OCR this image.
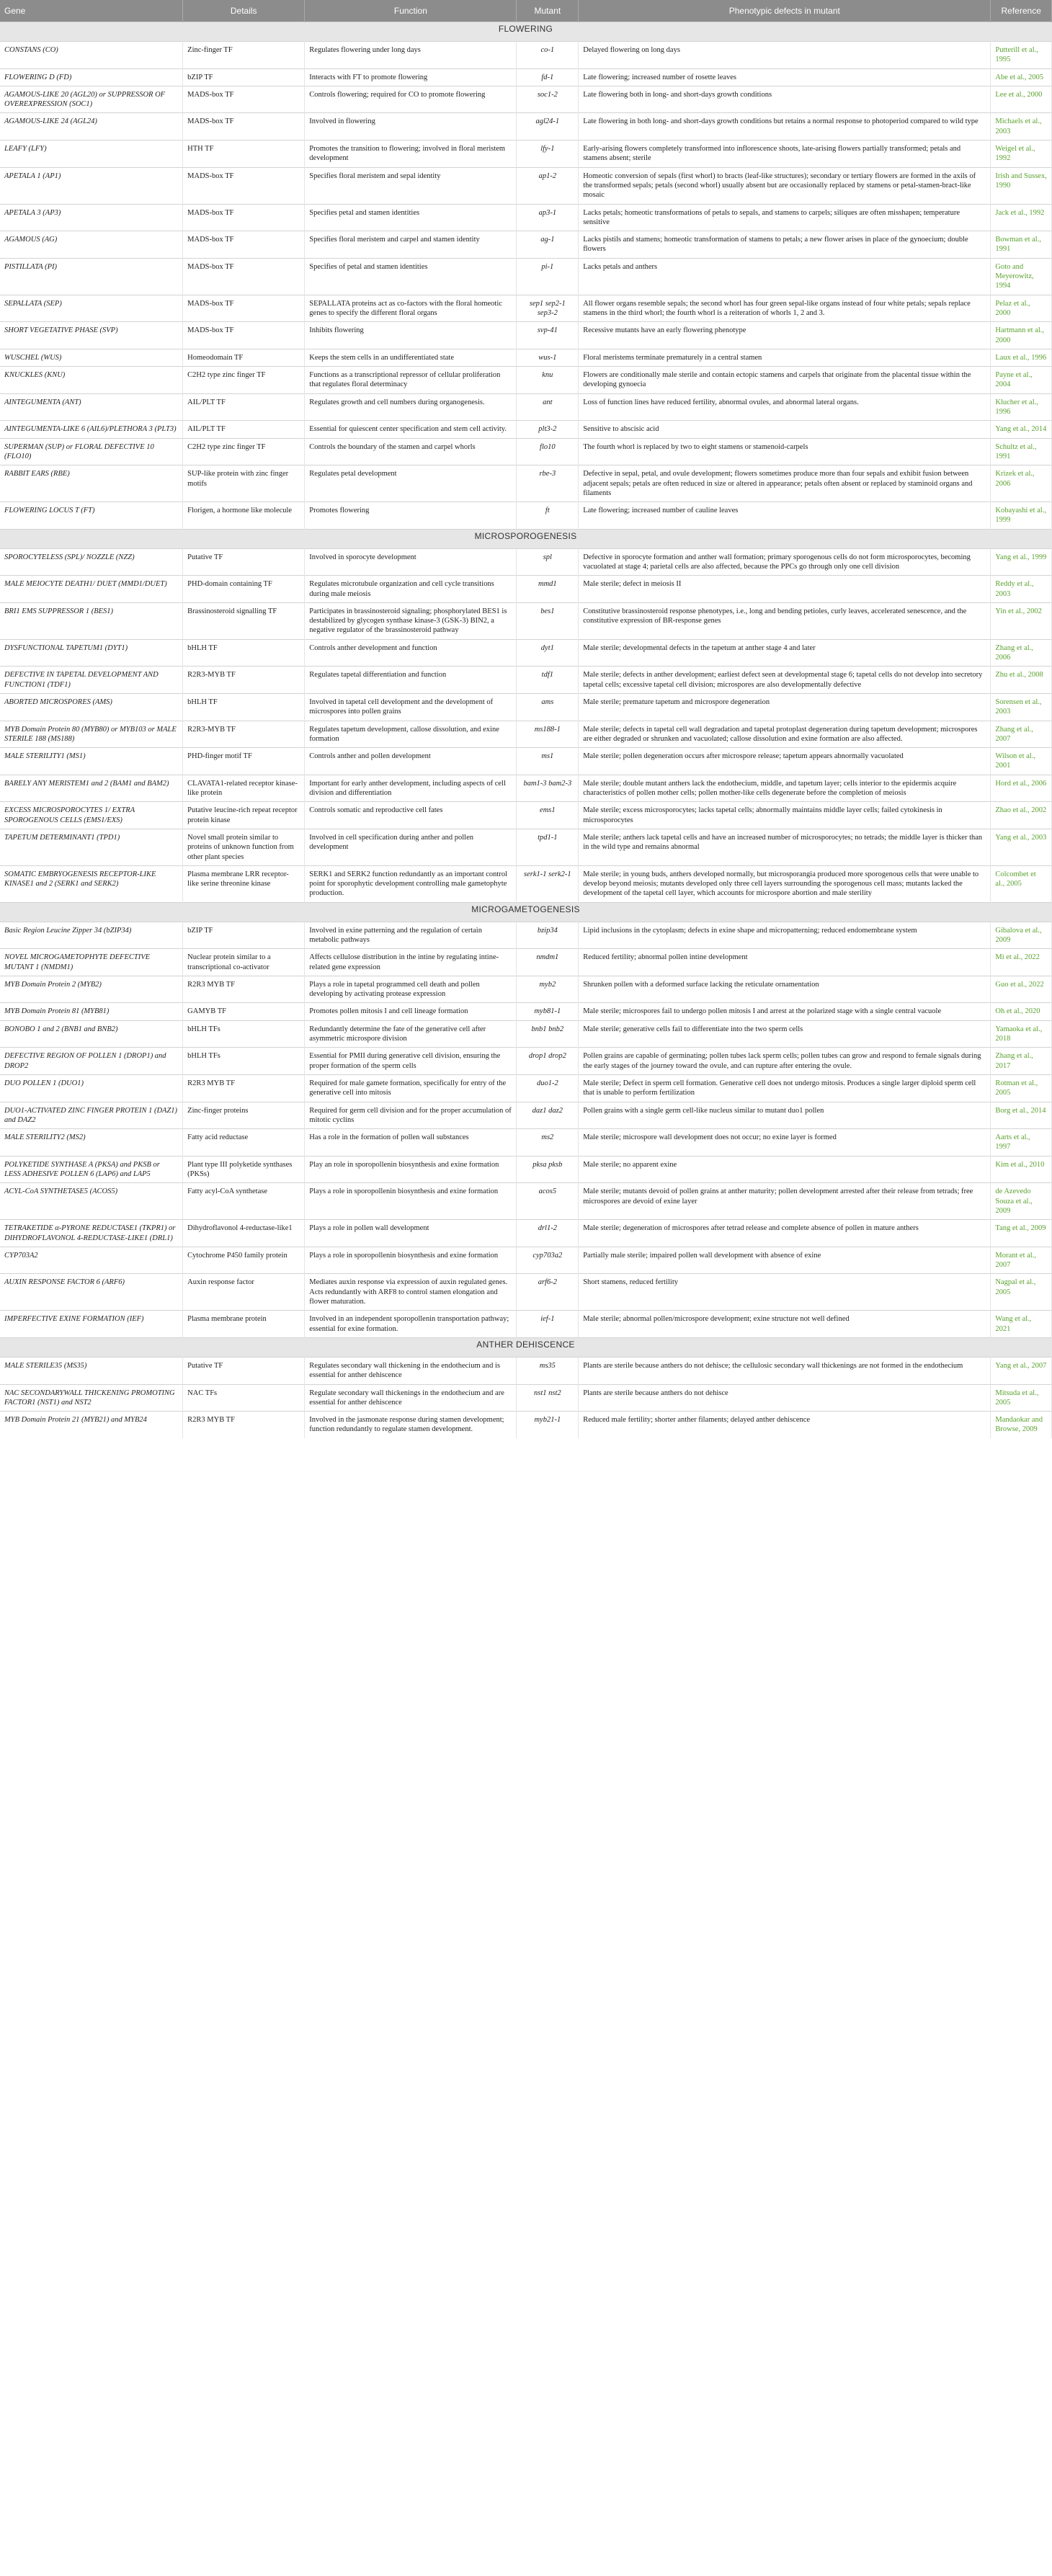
Gene	Details	Function	Mutant	Phenotypic defects in mutant	Reference
FLOWERING					
CONSTANS (CO)	Zinc-finger TF	Regulates flowering under long days	co-1	Delayed flowering on long days	Putterill et al., 1995
FLOWERING D (FD)	bZIP TF	Interacts with FT to promote flowering	fd-1	Late flowering; increased number of rosette leaves	Abe et al., 2005
AGAMOUS-LIKE 20 (AGL20) or SUPPRESSOR OF OVEREXPRESSION (SOC1)	MADS-box TF	Controls flowering; required for CO to promote flowering	soc1-2	Late flowering both in long- and short-days growth conditions	Lee et al., 2000
AGAMOUS-LIKE 24 (AGL24)	MADS-box TF	Involved in flowering	agl24-1	Late flowering in both long- and short-days growth conditions but retains a normal response to photoperiod compared to wild type	Michaels et al., 2003
LEAFY (LFY)	HTH TF	Promotes the transition to flowering; involved in floral meristem development	lfy-1	Early-arising flowers completely transformed into inflorescence shoots, late-arising flowers partially transformed; petals and stamens absent; sterile	Weigel et al., 1992
APETALA 1 (AP1)	MADS-box TF	Specifies floral meristem and sepal identity	ap1-2	Homeotic conversion of sepals (first whorl) to bracts (leaf-like structures); secondary or tertiary flowers are formed in the axils of the transformed sepals; petals (second whorl) usually absent but are occasionally replaced by stamens or petal-stamen-bract-like mosaic	Irish and Sussex, 1990
APETALA 3 (AP3)	MADS-box TF	Specifies petal and stamen identities	ap3-1	Lacks petals; homeotic transformations of petals to sepals, and stamens to carpels; siliques are often misshapen; temperature sensitive	Jack et al., 1992
AGAMOUS (AG)	MADS-box TF	Specifies floral meristem and carpel and stamen identity	ag-1	Lacks pistils and stamens; homeotic transformation of stamens to petals; a new flower arises in place of the gynoecium; double flowers	Bowman et al., 1991
PISTILLATA (PI)	MADS-box TF	Specifies of petal and stamen identities	pi-1	Lacks petals and anthers	Goto and Meyerowitz, 1994
SEPALLATA (SEP)	MADS-box TF	SEPALLATA proteins act as co-factors with the floral homeotic genes to specify the different floral organs	sep1 sep2-1 sep3-2	All flower organs resemble sepals; the second whorl has four green sepal-like organs instead of four white petals; sepals replace stamens in the third whorl; the fourth whorl is a reiteration of whorls 1, 2 and 3.	Pelaz et al., 2000
SHORT VEGETATIVE PHASE (SVP)	MADS-box TF	Inhibits flowering	svp-41	Recessive mutants have an early flowering phenotype	Hartmann et al., 2000
WUSCHEL (WUS)	Homeodomain TF	Keeps the stem cells in an undifferentiated state	wus-1	Floral meristems terminate prematurely in a central stamen	Laux et al., 1996
KNUCKLES (KNU)	C2H2 type zinc finger TF	Functions as a transcriptional repressor of cellular proliferation that regulates floral determinacy	knu	Flowers are conditionally male sterile and contain ectopic stamens and carpels that originate from the placental tissue within the developing gynoecia	Payne et al., 2004
AINTEGUMENTA (ANT)	AIL/PLT TF	Regulates growth and cell numbers during organogenesis.	ant	Loss of function lines have reduced fertility, abnormal ovules, and abnormal lateral organs.	Klucher et al., 1996
AINTEGUMENTA-LIKE 6 (AIL6)/PLETHORA 3 (PLT3)	AIL/PLT TF	Essential for quiescent center specification and stem cell activity.	plt3-2	Sensitive to abscisic acid	Yang et al., 2014
SUPERMAN (SUP) or FLORAL DEFECTIVE 10 (FLO10)	C2H2 type zinc finger TF	Controls the boundary of the stamen and carpel whorls	flo10	The fourth whorl is replaced by two to eight stamens or stamenoid-carpels	Schultz et al., 1991
RABBIT EARS (RBE)	SUP-like protein with zinc finger motifs	Regulates petal development	rbe-3	Defective in sepal, petal, and ovule development; flowers sometimes produce more than four sepals and exhibit fusion between adjacent sepals; petals are often reduced in size or altered in appearance; petals often absent or replaced by staminoid organs and filaments	Krizek et al., 2006
FLOWERING LOCUS T (FT)	Florigen, a hormone like molecule	Promotes flowering	ft	Late flowering; increased number of cauline leaves	Kobayashi et al., 1999
MICROSPOROGENESIS					
SPOROCYTELESS (SPL)/ NOZZLE (NZZ)	Putative TF	Involved in sporocyte development	spl	Defective in sporocyte formation and anther wall formation; primary sporogenous cells do not form microsporocytes, becoming vacuolated at stage 4; parietal cells are also affected, because the PPCs go through only one cell division	Yang et al., 1999
MALE MEIOCYTE DEATH1/ DUET (MMD1/DUET)	PHD-domain containing TF	Regulates microtubule organization and cell cycle transitions during male meiosis	mmd1	Male sterile; defect in meiosis II	Reddy et al., 2003
BRI1 EMS SUPPRESSOR 1 (BES1)	Brassinosteroid signalling TF	Participates in brassinosteroid signaling; phosphorylated BES1 is destabilized by glycogen synthase kinase-3 (GSK-3) BIN2, a negative regulator of the brassinosteroid pathway	bes1	Constitutive brassinosteroid response phenotypes, i.e., long and bending petioles, curly leaves, accelerated senescence, and the constitutive expression of BR-response genes	Yin et al., 2002
DYSFUNCTIONAL TAPETUM1 (DYT1)	bHLH TF	Controls anther development and function	dyt1	Male sterile; developmental defects in the tapetum at anther stage 4 and later	Zhang et al., 2006
DEFECTIVE IN TAPETAL DEVELOPMENT AND FUNCTION1 (TDF1)	R2R3-MYB TF	Regulates tapetal differentiation and function	tdf1	Male sterile; defects in anther development; earliest defect seen at developmental stage 6; tapetal cells do not develop into secretory tapetal cells; excessive tapetal cell division; microspores are also developmentally defective	Zhu et al., 2008
ABORTED MICROSPORES (AMS)	bHLH TF	Involved in tapetal cell development and the development of microspores into pollen grains	ams	Male sterile; premature tapetum and microspore degeneration	Sorensen et al., 2003
MYB Domain Protein 80 (MYB80) or MYB103 or MALE STERILE 188 (MS188)	R2R3-MYB TF	Regulates tapetum development, callose dissolution, and exine formation	ms188-1	Male sterile; defects in tapetal cell wall degradation and tapetal protoplast degeneration during tapetum development; microspores are either degraded or shrunken and vacuolated; callose dissolution and exine formation are also affected.	Zhang et al., 2007
MALE STERILITY1 (MS1)	PHD-finger motif TF	Controls anther and pollen development	ms1	Male sterile; pollen degeneration occurs after microspore release; tapetum appears abnormally vacuolated	Wilson et al., 2001
BARELY ANY MERISTEM1 and 2 (BAM1 and BAM2)	CLAVATA1-related receptor kinase-like protein	Important for early anther development, including aspects of cell division and differentiation	bam1-3 bam2-3	Male sterile; double mutant anthers lack the endothecium, middle, and tapetum layer; cells interior to the epidermis acquire characteristics of pollen mother cells; pollen mother-like cells degenerate before the completion of meiosis	Hord et al., 2006
EXCESS MICROSPOROCYTES 1/ EXTRA SPOROGENOUS CELLS (EMS1/EXS)	Putative leucine-rich repeat receptor protein kinase	Controls somatic and reproductive cell fates	ems1	Male sterile; excess microsporocytes; lacks tapetal cells; abnormally maintains middle layer cells; failed cytokinesis in microsporocytes	Zhao et al., 2002
TAPETUM DETERMINANT1 (TPD1)	Novel small protein similar to proteins of unknown function from other plant species	Involved in cell specification during anther and pollen development	tpd1-1	Male sterile; anthers lack tapetal cells and have an increased number of microsporocytes; no tetrads; the middle layer is thicker than in the wild type and remains abnormal	Yang et al., 2003
SOMATIC EMBRYOGENESIS RECEPTOR-LIKE KINASE1 and 2 (SERK1 and SERK2)	Plasma membrane LRR receptor-like serine threonine kinase	SERK1 and SERK2 function redundantly as an important control point for sporophytic development controlling male gametophyte production.	serk1-1 serk2-1	Male sterile; in young buds, anthers developed normally, but microsporangia produced more sporogenous cells that were unable to develop beyond meiosis; mutants developed only three cell layers surrounding the sporogenous cell mass; mutants lacked the development of the tapetal cell layer, which accounts for microspore abortion and male sterility	Colcombet et al., 2005
MICROGAMETOGENESIS					
Basic Region Leucine Zipper 34 (bZIP34)	bZIP TF	Involved in exine patterning and the regulation of certain metabolic pathways	bzip34	Lipid inclusions in the cytoplasm; defects in exine shape and micropatterning; reduced endomembrane system	Gibalova et al., 2009
NOVEL MICROGAMETOPHYTE DEFECTIVE MUTANT 1 (NMDM1)	Nuclear protein similar to a transcriptional co-activator	Affects cellulose distribution in the intine by regulating intine-related gene expression	nmdm1	Reduced fertility; abnormal pollen intine development	Mi et al., 2022
MYB Domain Protein 2 (MYB2)	R2R3 MYB TF	Plays a role in tapetal programmed cell death and pollen developing by activating protease expression	myb2	Shrunken pollen with a deformed surface lacking the reticulate ornamentation	Guo et al., 2022
MYB Domain Protein 81 (MYB81)	GAMYB TF	Promotes pollen mitosis I and cell lineage formation	myb81-1	Male sterile; microspores fail to undergo pollen mitosis I and arrest at the polarized stage with a single central vacuole	Oh et al., 2020
BONOBO 1 and 2 (BNB1 and BNB2)	bHLH TFs	Redundantly determine the fate of the generative cell after asymmetric microspore division	bnb1 bnb2	Male sterile; generative cells fail to differentiate into the two sperm cells	Yamaoka et al., 2018
DEFECTIVE REGION OF POLLEN 1 (DROP1) and DROP2	bHLH TFs	Essential for PMII during generative cell division, ensuring the proper formation of the sperm cells	drop1 drop2	Pollen grains are capable of germinating; pollen tubes lack sperm cells; pollen tubes can grow and respond to female signals during the early stages of the journey toward the ovule, and can rupture after entering the ovule.	Zhang et al., 2017
DUO POLLEN 1 (DUO1)	R2R3 MYB TF	Required for male gamete formation, specifically for entry of the generative cell into mitosis	duo1-2	Male sterile; Defect in sperm cell formation. Generative cell does not undergo mitosis. Produces a single larger diploid sperm cell that is unable to perform fertilization	Rotman et al., 2005
DUO1-ACTIVATED ZINC FINGER PROTEIN 1 (DAZ1) and DAZ2	Zinc-finger proteins	Required for germ cell division and for the proper accumulation of mitotic cyclins	daz1 daz2	Pollen grains with a single germ cell-like nucleus similar to mutant duo1 pollen	Borg et al., 2014
MALE STERILITY2 (MS2)	Fatty acid reductase	Has a role in the formation of pollen wall substances	ms2	Male sterile; microspore wall development does not occur; no exine layer is formed	Aarts et al., 1997
POLYKETIDE SYNTHASE A (PKSA) and PKSB or LESS ADHESIVE POLLEN 6 (LAP6) and LAP5	Plant type III polyketide synthases (PKSs)	Play an role in sporopollenin biosynthesis and exine formation	pksa pksb	Male sterile; no apparent exine	Kim et al., 2010
ACYL-CoA SYNTHETASE5 (ACOS5)	Fatty acyl-CoA synthetase	Plays a role in sporopollenin biosynthesis and exine formation	acos5	Male sterile; mutants devoid of pollen grains at anther maturity; pollen development arrested after their release from tetrads; free microspores are devoid of exine layer	de Azevedo Souza et al., 2009
TETRAKETIDE α-PYRONE REDUCTASE1 (TKPR1) or DIHYDROFLAVONOL 4-REDUCTASE-LIKE1 (DRL1)	Dihydroflavonol 4-reductase-like1	Plays a role in pollen wall development	drl1-2	Male sterile; degeneration of microspores after tetrad release and complete absence of pollen in mature anthers	Tang et al., 2009
CYP703A2	Cytochrome P450 family protein	Plays a role in sporopollenin biosynthesis and exine formation	cyp703a2	Partially male sterile; impaired pollen wall development with absence of exine	Morant et al., 2007
AUXIN RESPONSE FACTOR 6 (ARF6)	Auxin response factor	Mediates auxin response via expression of auxin regulated genes. Acts redundantly with ARF8 to control stamen elongation and flower maturation.	arf6-2	Short stamens, reduced fertility	Nagpal et al., 2005
IMPERFECTIVE EXINE FORMATION (IEF)	Plasma membrane protein	Involved in an independent sporopollenin transportation pathway; essential for exine formation.	ief-1	Male sterile; abnormal pollen/microspore development; exine structure not well defined	Wang et al., 2021
ANTHER DEHISCENCE					
MALE STERILE35 (MS35)	Putative TF	Regulates secondary wall thickening in the endothecium and is essential for anther dehiscence	ms35	Plants are sterile because anthers do not dehisce; the cellulosic secondary wall thickenings are not formed in the endothecium	Yang et al., 2007
NAC SECONDARYWALL THICKENING PROMOTING FACTOR1 (NST1) and NST2	NAC TFs	Regulate secondary wall thickenings in the endothecium and are essential for anther dehiscence	nst1 nst2	Plants are sterile because anthers do not dehisce	Mitsuda et al., 2005
MYB Domain Protein 21 (MYB21) and MYB24	R2R3 MYB TF	Involved in the jasmonate response during stamen development; function redundantly to regulate stamen development.	myb21-1	Reduced male fertility; shorter anther filaments; delayed anther dehiscence	Mandaokar and Browse, 2009
